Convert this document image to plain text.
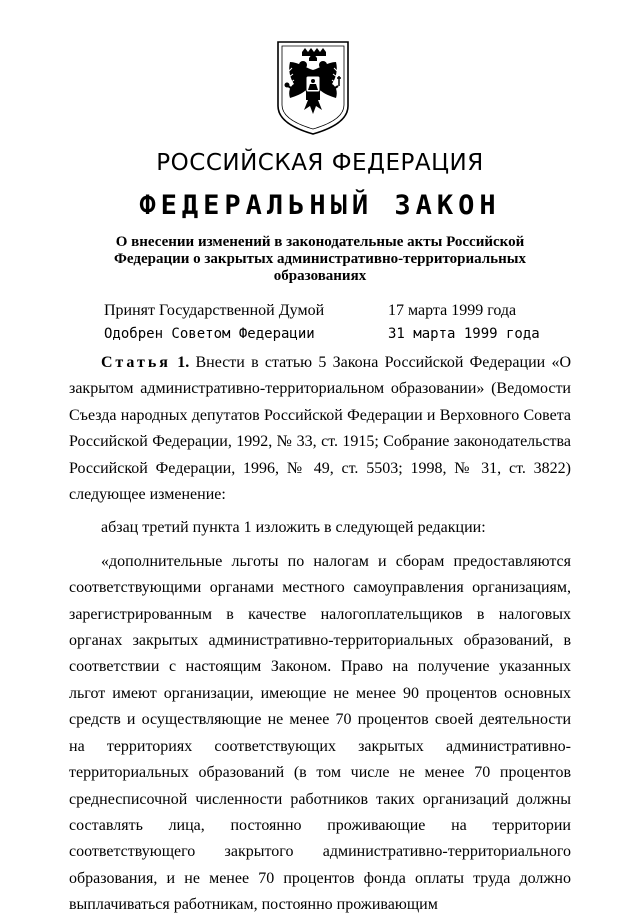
РОССИЙСКАЯ ФЕДЕРАЦИЯ
ФЕДЕРАЛЬНЫЙ ЗАКОН
О внесении изменений в законодательные акты Российской Федерации о закрытых административно-территориальных образованиях
Принят Государственной Думой	17 марта 1999 года
Одобрен Советом Федерации	31 марта 1999 года

Статья 1. Внести в статью 5 Закона Российской Федерации «О закрытом административно-территориальном образовании» (Ведомости Съезда народных депутатов Российской Федерации и Верховного Совета Российской Федерации, 1992, № 33, ст. 1915; Собрание законодательства Российской Федерации, 1996, № 49, ст. 5503; 1998, № 31, ст. 3822) следующее изменение:

абзац третий пункта 1 изложить в следующей редакции:

«дополнительные льготы по налогам и сборам предоставляются соответствующими органами местного самоуправления организациям, зарегистрированным в качестве налогоплательщиков в налоговых органах закрытых административно-территориальных образований, в соответствии с настоящим Законом. Право на получение указанных льгот имеют организации, имеющие не менее 90 процентов основных средств и осуществляющие не менее 70 процентов своей деятельности на территориях соответствующих закрытых административно-территориальных образований (в том числе не менее 70 процентов среднесписочной численности работников таких организаций должны составлять лица, постоянно проживающие на территории соответствующего закрытого административно-территориального образования, и не менее 70 процентов фонда оплаты труда должно выплачиваться работникам, постоянно проживающим
